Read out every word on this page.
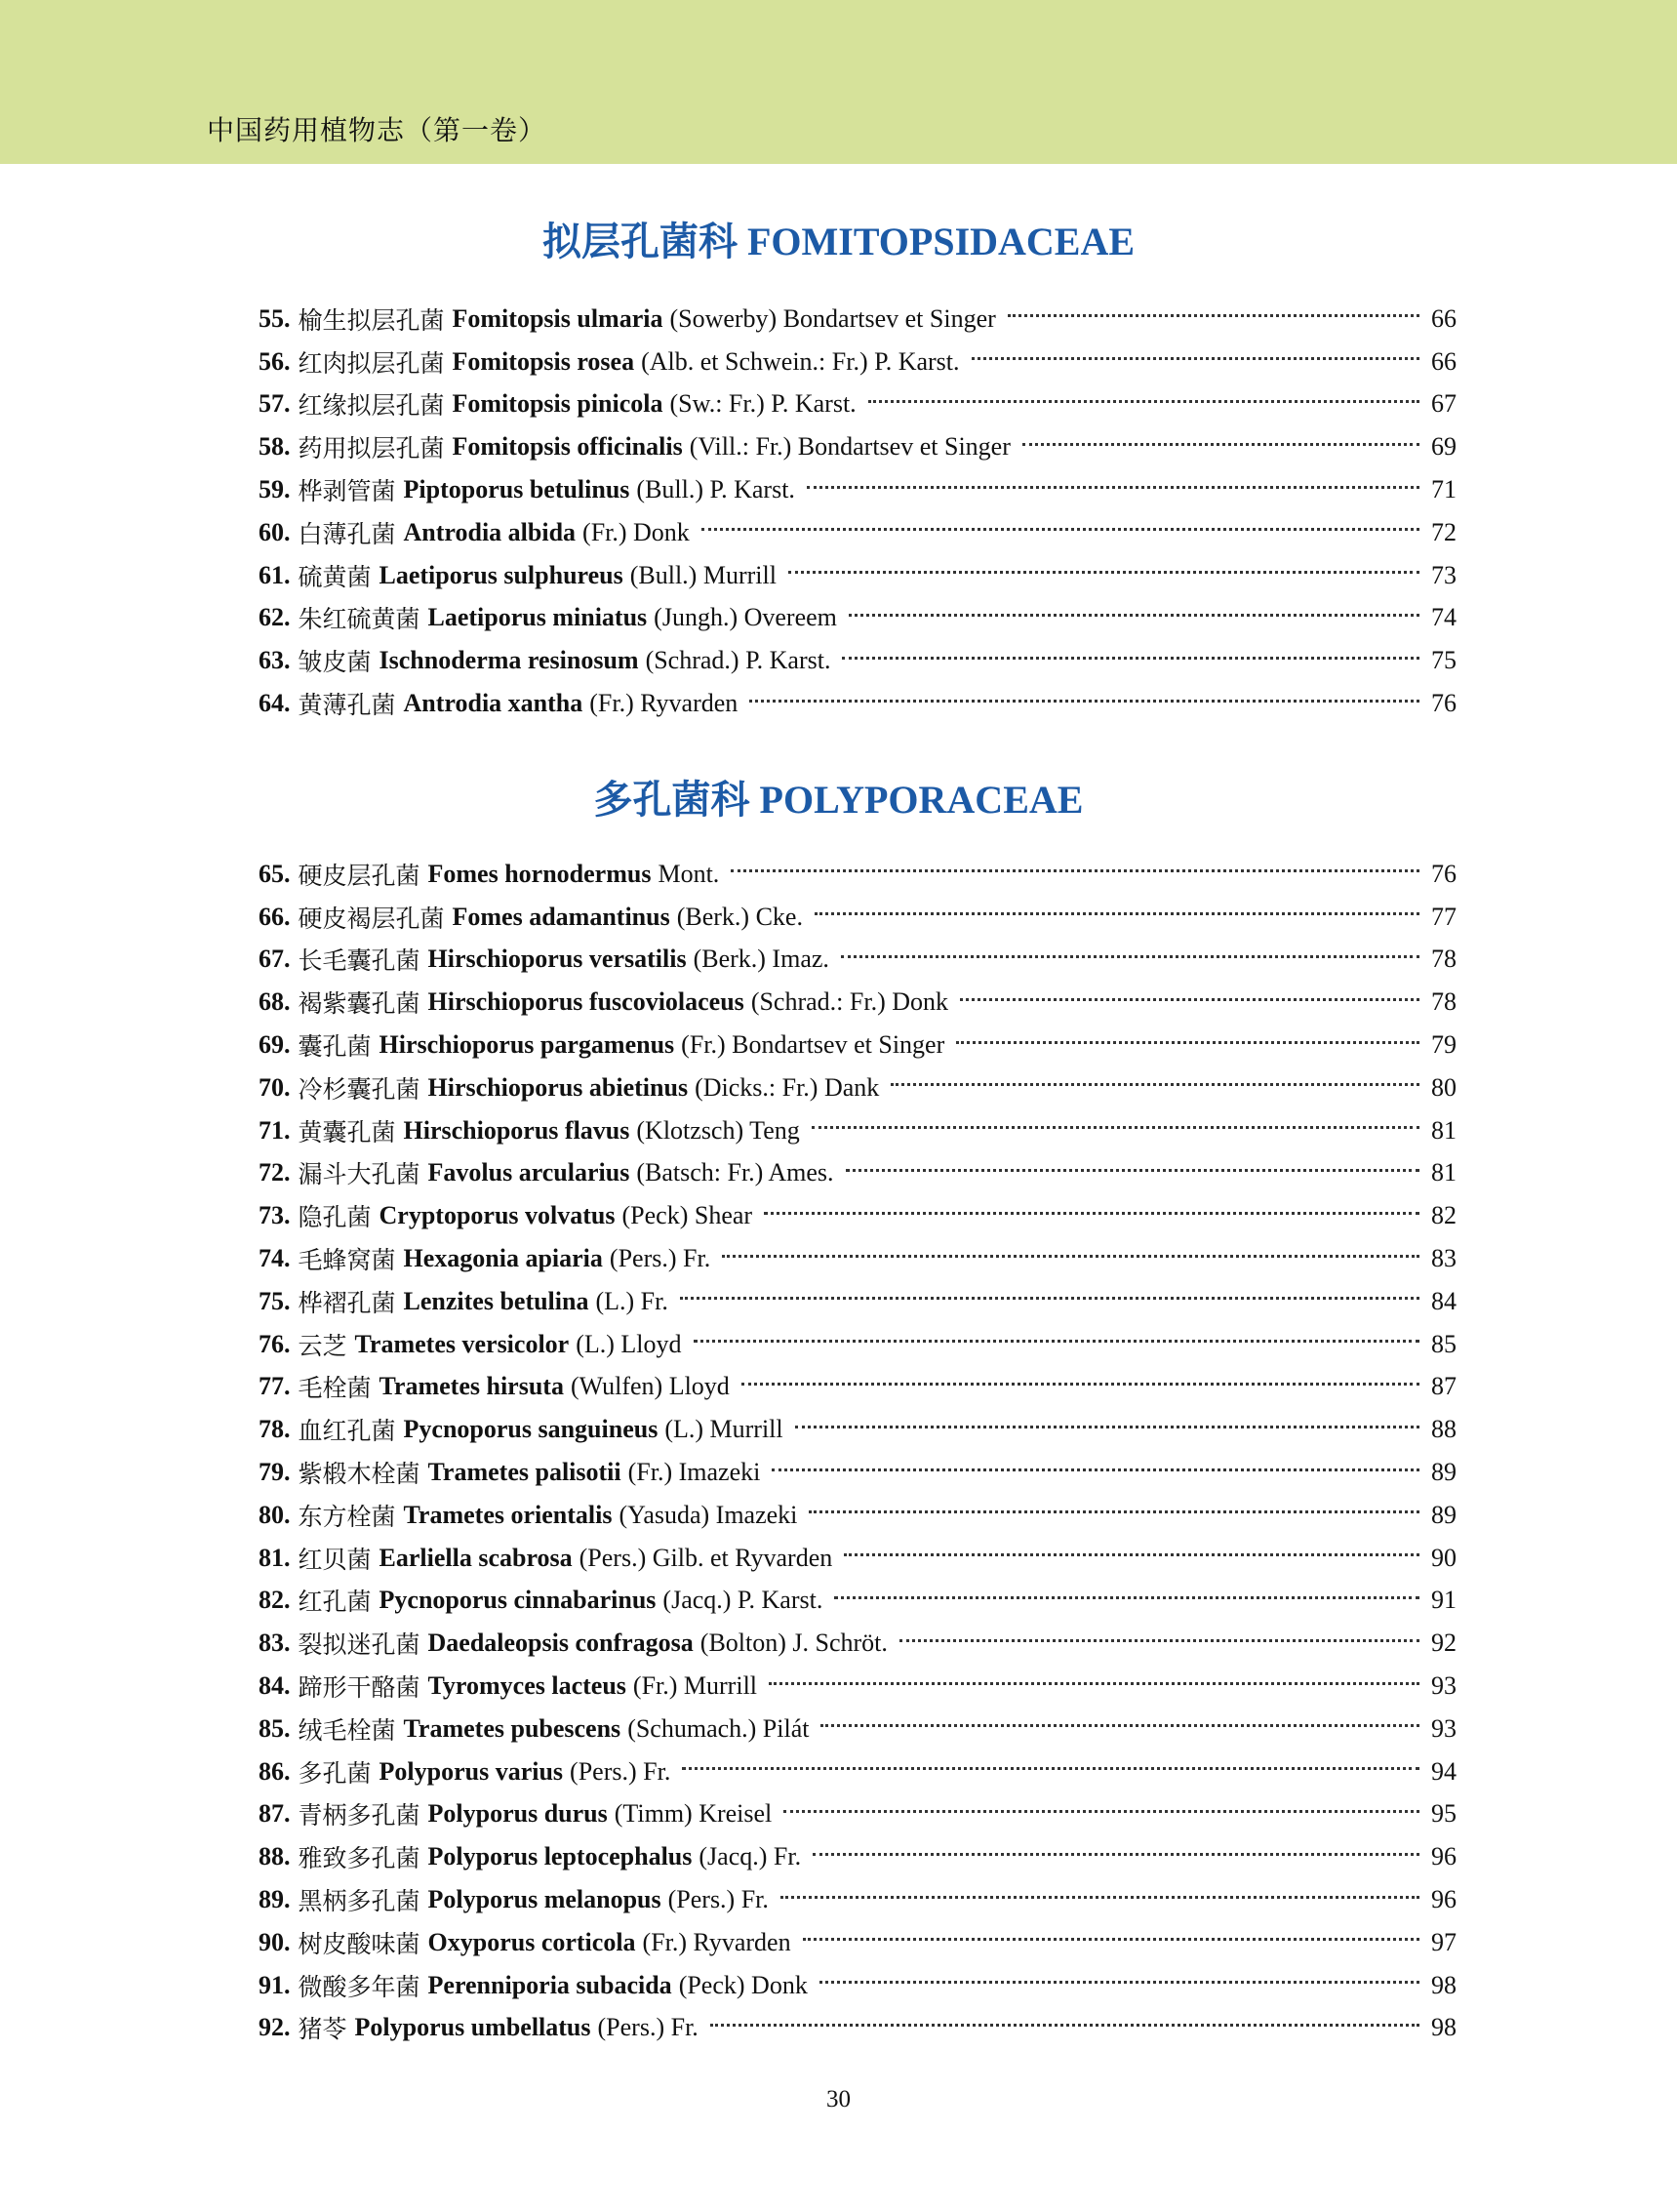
中国药用植物志（第一卷）
拟层孔菌科 FOMITOPSIDACEAE
55. 榆生拟层孔菌 Fomitopsis ulmaria (Sowerby) Bondartsev et Singer	66
56. 红肉拟层孔菌 Fomitopsis rosea (Alb. et Schwein.: Fr.) P. Karst.	66
57. 红缘拟层孔菌 Fomitopsis pinicola (Sw.: Fr.) P. Karst.	67
58. 药用拟层孔菌 Fomitopsis officinalis (Vill.: Fr.) Bondartsev et Singer	69
59. 桦剥管菌 Piptoporus betulinus (Bull.) P. Karst.	71
60. 白薄孔菌 Antrodia albida (Fr.) Donk	72
61. 硫黄菌 Laetiporus sulphureus (Bull.) Murrill	73
62. 朱红硫黄菌 Laetiporus miniatus (Jungh.) Overeem	74
63. 皱皮菌 Ischnoderma resinosum (Schrad.) P. Karst.	75
64. 黄薄孔菌 Antrodia xantha (Fr.) Ryvarden	76
多孔菌科 POLYPORACEAE
65. 硬皮层孔菌 Fomes hornodermus Mont.	76
66. 硬皮褐层孔菌 Fomes adamantinus (Berk.) Cke.	77
67. 长毛囊孔菌 Hirschioporus versatilis (Berk.) Imaz.	78
68. 褐紫囊孔菌 Hirschioporus fuscoviolaceus (Schrad.: Fr.) Donk	78
69. 囊孔菌 Hirschioporus pargamenus (Fr.) Bondartsev et Singer	79
70. 冷杉囊孔菌 Hirschioporus abietinus (Dicks.: Fr.) Dank	80
71. 黄囊孔菌 Hirschioporus flavus (Klotzsch) Teng	81
72. 漏斗大孔菌 Favolus arcularius (Batsch: Fr.) Ames.	81
73. 隐孔菌 Cryptoporus volvatus (Peck) Shear	82
74. 毛蜂窝菌 Hexagonia apiaria (Pers.) Fr.	83
75. 桦褶孔菌 Lenzites betulina (L.) Fr.	84
76. 云芝 Trametes versicolor (L.) Lloyd	85
77. 毛栓菌 Trametes hirsuta (Wulfen) Lloyd	87
78. 血红孔菌 Pycnoporus sanguineus (L.) Murrill	88
79. 紫椴木栓菌 Trametes palisotii (Fr.) Imazeki	89
80. 东方栓菌 Trametes orientalis (Yasuda) Imazeki	89
81. 红贝菌 Earliella scabrosa (Pers.) Gilb. et Ryvarden	90
82. 红孔菌 Pycnoporus cinnabarinus (Jacq.) P. Karst.	91
83. 裂拟迷孔菌 Daedaleopsis confragosa (Bolton) J. Schröt.	92
84. 蹄形干酪菌 Tyromyces lacteus (Fr.) Murrill	93
85. 绒毛栓菌 Trametes pubescens (Schumach.) Pilát	93
86. 多孔菌 Polyporus varius (Pers.) Fr.	94
87. 青柄多孔菌 Polyporus durus (Timm) Kreisel	95
88. 雅致多孔菌 Polyporus leptocephalus (Jacq.) Fr.	96
89. 黑柄多孔菌 Polyporus melanopus (Pers.) Fr.	96
90. 树皮酸味菌 Oxyporus corticola (Fr.) Ryvarden	97
91. 微酸多年菌 Perenniporia subacida (Peck) Donk	98
92. 猪苓 Polyporus umbellatus (Pers.) Fr.	98
30
